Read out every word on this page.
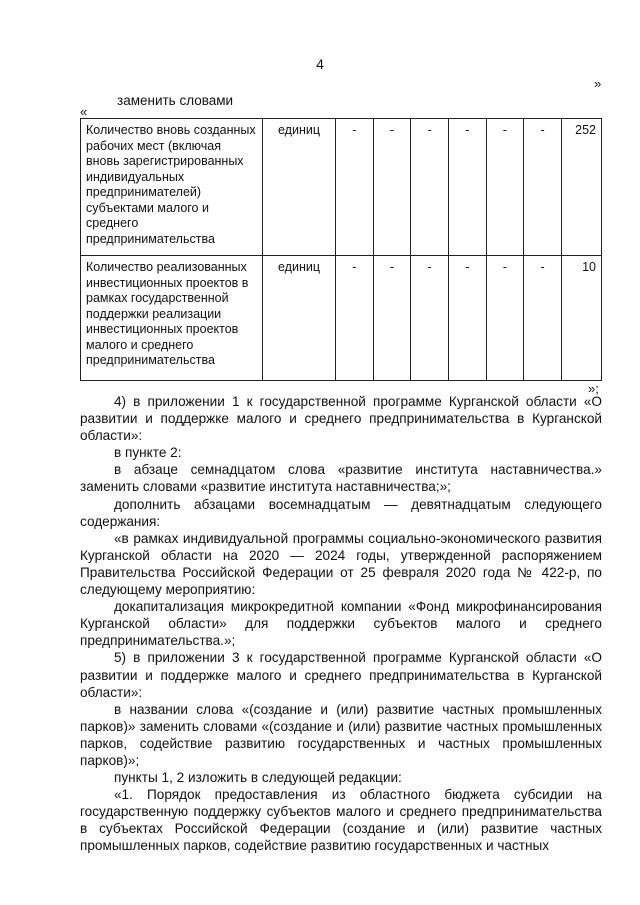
4
»
заменить словами
«
Количество вновь созданных рабочих мест (включая вновь зарегистрированных индивидуальных предпринимателей) субъектами малого и среднего предпринимательства	единиц	-	-	-	-	-	-	252
Количество реализованных инвестиционных проектов в рамках государственной поддержки реализации инвестиционных проектов малого и среднего предпринимательства	единиц	-	-	-	-	-	-	10
»;

4) в приложении 1 к государственной программе Курганской области «О развитии и поддержке малого и среднего предпринимательства в Курганской области»:

в пункте 2:

в абзаце семнадцатом слова «развитие института наставничества.» заменить словами «развитие института наставничества;»;

дополнить абзацами восемнадцатым — девятнадцатым следующего содержания:

«в рамках индивидуальной программы социально-экономического развития Курганской области на 2020 — 2024 годы, утвержденной распоряжением Правительства Российской Федерации от 25 февраля 2020 года № 422-р, по следующему мероприятию:

докапитализация микрокредитной компании «Фонд микрофинансирования Курганской области» для поддержки субъектов малого и среднего предпринимательства.»;

5) в приложении 3 к государственной программе Курганской области «О развитии и поддержке малого и среднего предпринимательства в Курганской области»:

в названии слова «(создание и (или) развитие частных промышленных парков)» заменить словами «(создание и (или) развитие частных промышленных парков, содействие развитию государственных и частных промышленных парков)»;

пункты 1, 2 изложить в следующей редакции:

«1. Порядок предоставления из областного бюджета субсидии на государственную поддержку субъектов малого и среднего предпринимательства в субъектах Российской Федерации (создание и (или) развитие частных промышленных парков, содействие развитию государственных и частных
